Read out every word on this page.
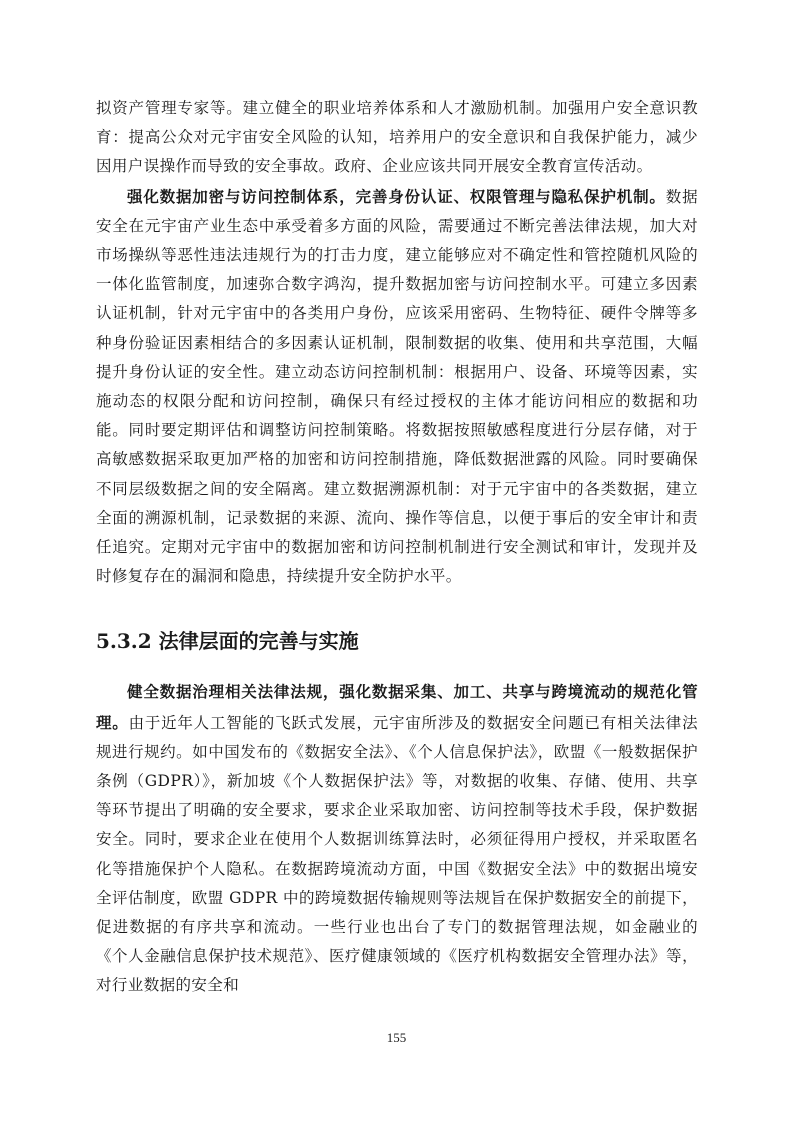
拟资产管理专家等。建立健全的职业培养体系和人才激励机制。加强用户安全意识教育：提高公众对元宇宙安全风险的认知，培养用户的安全意识和自我保护能力，减少因用户误操作而导致的安全事故。政府、企业应该共同开展安全教育宣传活动。

强化数据加密与访问控制体系，完善身份认证、权限管理与隐私保护机制。数据安全在元宇宙产业生态中承受着多方面的风险，需要通过不断完善法律法规，加大对市场操纵等恶性违法违规行为的打击力度，建立能够应对不确定性和管控随机风险的一体化监管制度，加速弥合数字鸿沟，提升数据加密与访问控制水平。可建立多因素认证机制，针对元宇宙中的各类用户身份，应该采用密码、生物特征、硬件令牌等多种身份验证因素相结合的多因素认证机制，限制数据的收集、使用和共享范围，大幅提升身份认证的安全性。建立动态访问控制机制：根据用户、设备、环境等因素，实施动态的权限分配和访问控制，确保只有经过授权的主体才能访问相应的数据和功能。同时要定期评估和调整访问控制策略。将数据按照敏感程度进行分层存储，对于高敏感数据采取更加严格的加密和访问控制措施，降低数据泄露的风险。同时要确保不同层级数据之间的安全隔离。建立数据溯源机制：对于元宇宙中的各类数据，建立全面的溯源机制，记录数据的来源、流向、操作等信息，以便于事后的安全审计和责任追究。定期对元宇宙中的数据加密和访问控制机制进行安全测试和审计，发现并及时修复存在的漏洞和隐患，持续提升安全防护水平。

5.3.2 法律层面的完善与实施

健全数据治理相关法律法规，强化数据采集、加工、共享与跨境流动的规范化管理。由于近年人工智能的飞跃式发展，元宇宙所涉及的数据安全问题已有相关法律法规进行规约。如中国发布的《数据安全法》、《个人信息保护法》，欧盟《一般数据保护条例（GDPR）》，新加坡《个人数据保护法》等，对数据的收集、存储、使用、共享等环节提出了明确的安全要求，要求企业采取加密、访问控制等技术手段，保护数据安全。同时，要求企业在使用个人数据训练算法时，必须征得用户授权，并采取匿名化等措施保护个人隐私。在数据跨境流动方面，中国《数据安全法》中的数据出境安全评估制度，欧盟 GDPR 中的跨境数据传输规则等法规旨在保护数据安全的前提下，促进数据的有序共享和流动。一些行业也出台了专门的数据管理法规，如金融业的《个人金融信息保护技术规范》、医疗健康领域的《医疗机构数据安全管理办法》等，对行业数据的安全和

155
